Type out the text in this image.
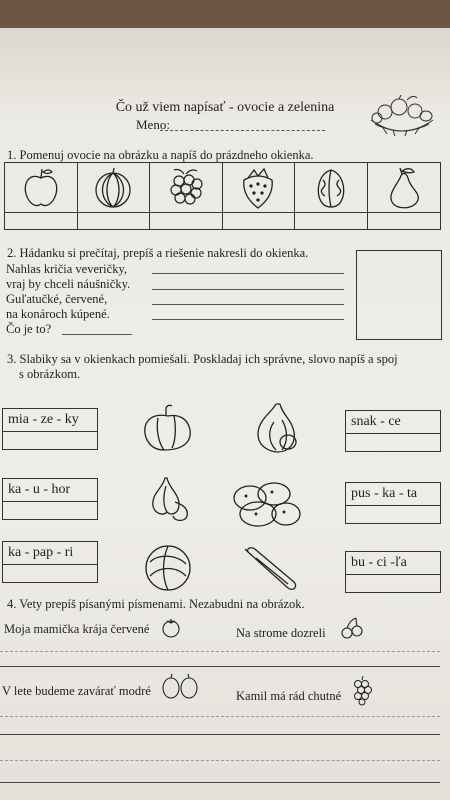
Čo už viem napísať - ovocie a zelenina
Meno:
1. Pomenuj ovocie na obrázku a napíš do prázdneho okienka.
2. Hádanku si prečítaj, prepíš a riešenie nakresli do okienka.
Nahlas kričia veveričky,
vraj by chceli náušničky.
Guľatučké, červené,
na konároch kúpené.
Čo je to?
3. Slabiky sa v okienkach pomiešali. Poskladaj ich správne, slovo napíš a spoj
s obrázkom.
mia - ze - ky
ka - u - hor
ka - pap - ri
snak - ce
pus - ka - ta
bu - ci -ľa
4. Vety prepíš písanými písmenami. Nezabudni na obrázok.
Moja mamička krája červené	Na strome dozreli
V lete budeme zavárať modré	Kamil má rád chutné
